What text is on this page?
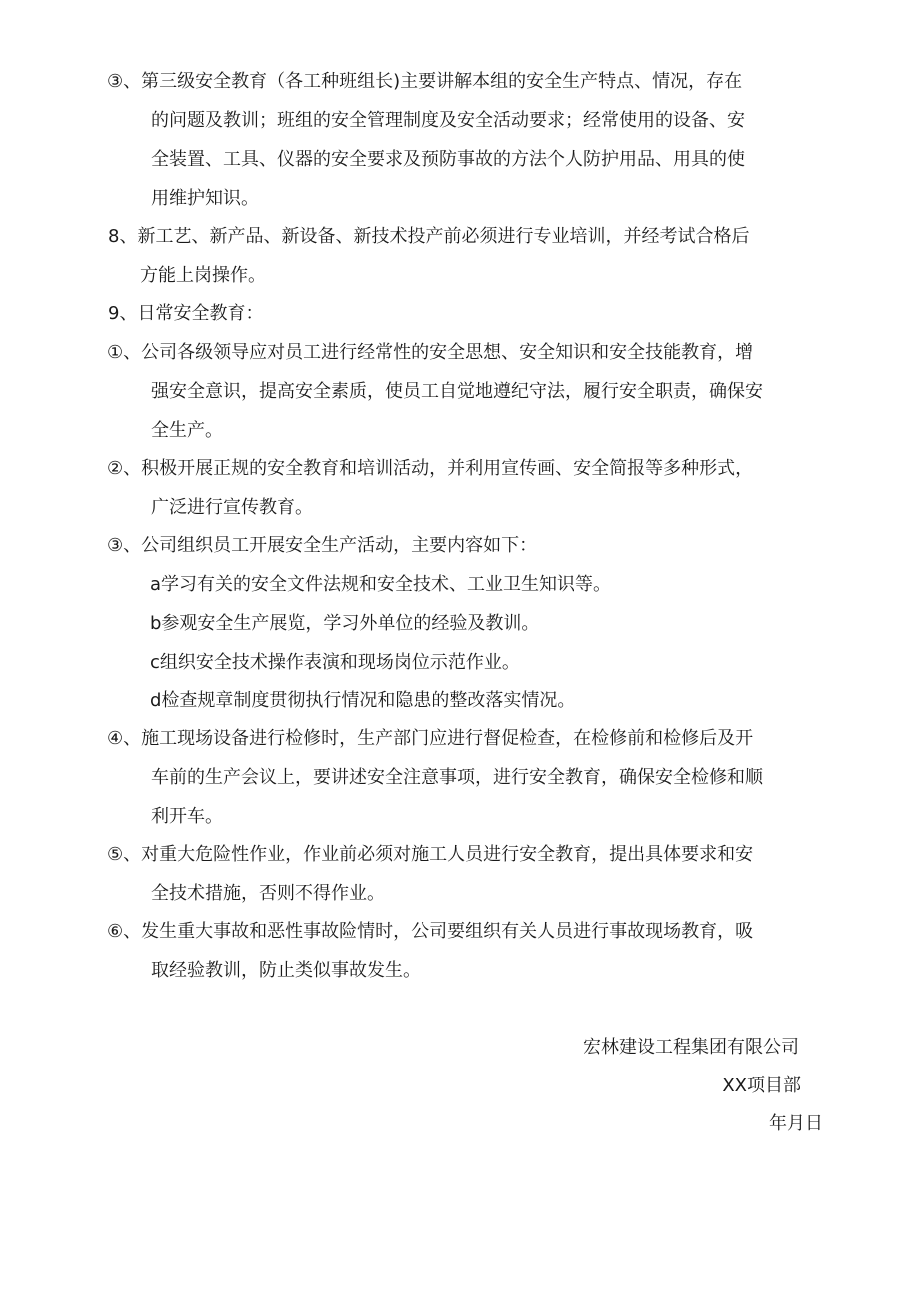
③、第三级安全教育（各工种班组长)主要讲解本组的安全生产特点、情况，存在
的问题及教训；班组的安全管理制度及安全活动要求；经常使用的设备、安
全装置、工具、仪器的安全要求及预防事故的方法个人防护用品、用具的使
用维护知识。
8、新工艺、新产品、新设备、新技术投产前必须进行专业培训，并经考试合格后
方能上岗操作。
9、日常安全教育：
①、公司各级领导应对员工进行经常性的安全思想、安全知识和安全技能教育，增
强安全意识，提高安全素质，使员工自觉地遵纪守法，履行安全职责，确保安
全生产。
②、积极开展正规的安全教育和培训活动，并利用宣传画、安全简报等多种形式，
广泛进行宣传教育。
③、公司组织员工开展安全生产活动，主要内容如下：
a学习有关的安全文件法规和安全技术、工业卫生知识等。
b参观安全生产展览，学习外单位的经验及教训。
c组织安全技术操作表演和现场岗位示范作业。
d检查规章制度贯彻执行情况和隐患的整改落实情况。
④、施工现场设备进行检修时，生产部门应进行督促检查，在检修前和检修后及开
车前的生产会议上，要讲述安全注意事项，进行安全教育，确保安全检修和顺
利开车。
⑤、对重大危险性作业，作业前必须对施工人员进行安全教育，提出具体要求和安
全技术措施，否则不得作业。
⑥、发生重大事故和恶性事故险情时，公司要组织有关人员进行事故现场教育，吸
取经验教训，防止类似事故发生。
宏林建设工程集团有限公司
XX项目部
年月日
